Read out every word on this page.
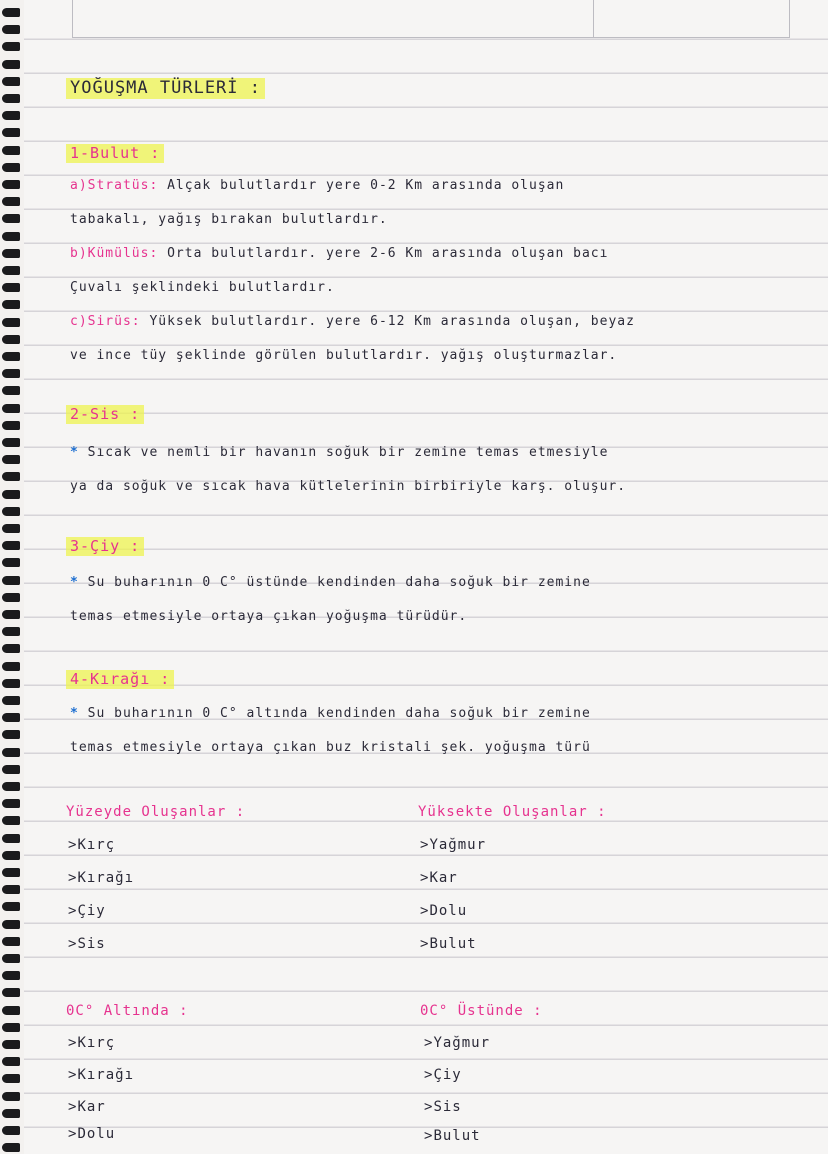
YOĞUŞMA TÜRLERİ :
1-Bulut :
a)Stratüs: Alçak bulutlardır yere 0-2 Km arasında oluşan
tabakalı, yağış bırakan bulutlardır.
b)Kümülüs: Orta bulutlardır. yere 2-6 Km arasında oluşan bacı
Çuvalı şeklindeki bulutlardır.
c)Sirüs: Yüksek bulutlardır. yere 6-12 Km arasında oluşan, beyaz
ve ince tüy şeklinde görülen bulutlardır. yağış oluşturmazlar.
2-Sis :
* Sıcak ve nemli bir havanın soğuk bir zemine temas etmesiyle
ya da soğuk ve sıcak hava kütlelerinin birbiriyle karş. oluşur.
3-Çiy :
* Su buharının 0 C° üstünde kendinden daha soğuk bir zemine
temas etmesiyle ortaya çıkan yoğuşma türüdür.
4-Kırağı :
* Su buharının 0 C° altında kendinden daha soğuk bir zemine
temas etmesiyle ortaya çıkan buz kristali şek. yoğuşma türü
Yüzeyde Oluşanlar :	Yüksekte Oluşanlar :
>Kırç
>Kırağı
>Çiy
>Sis
>Yağmur
>Kar
>Dolu
>Bulut
0C° Altında :	0C° Üstünde :
>Kırç
>Kırağı
>Kar
>Dolu
>Yağmur
>Çiy
>Sis
>Bulut
